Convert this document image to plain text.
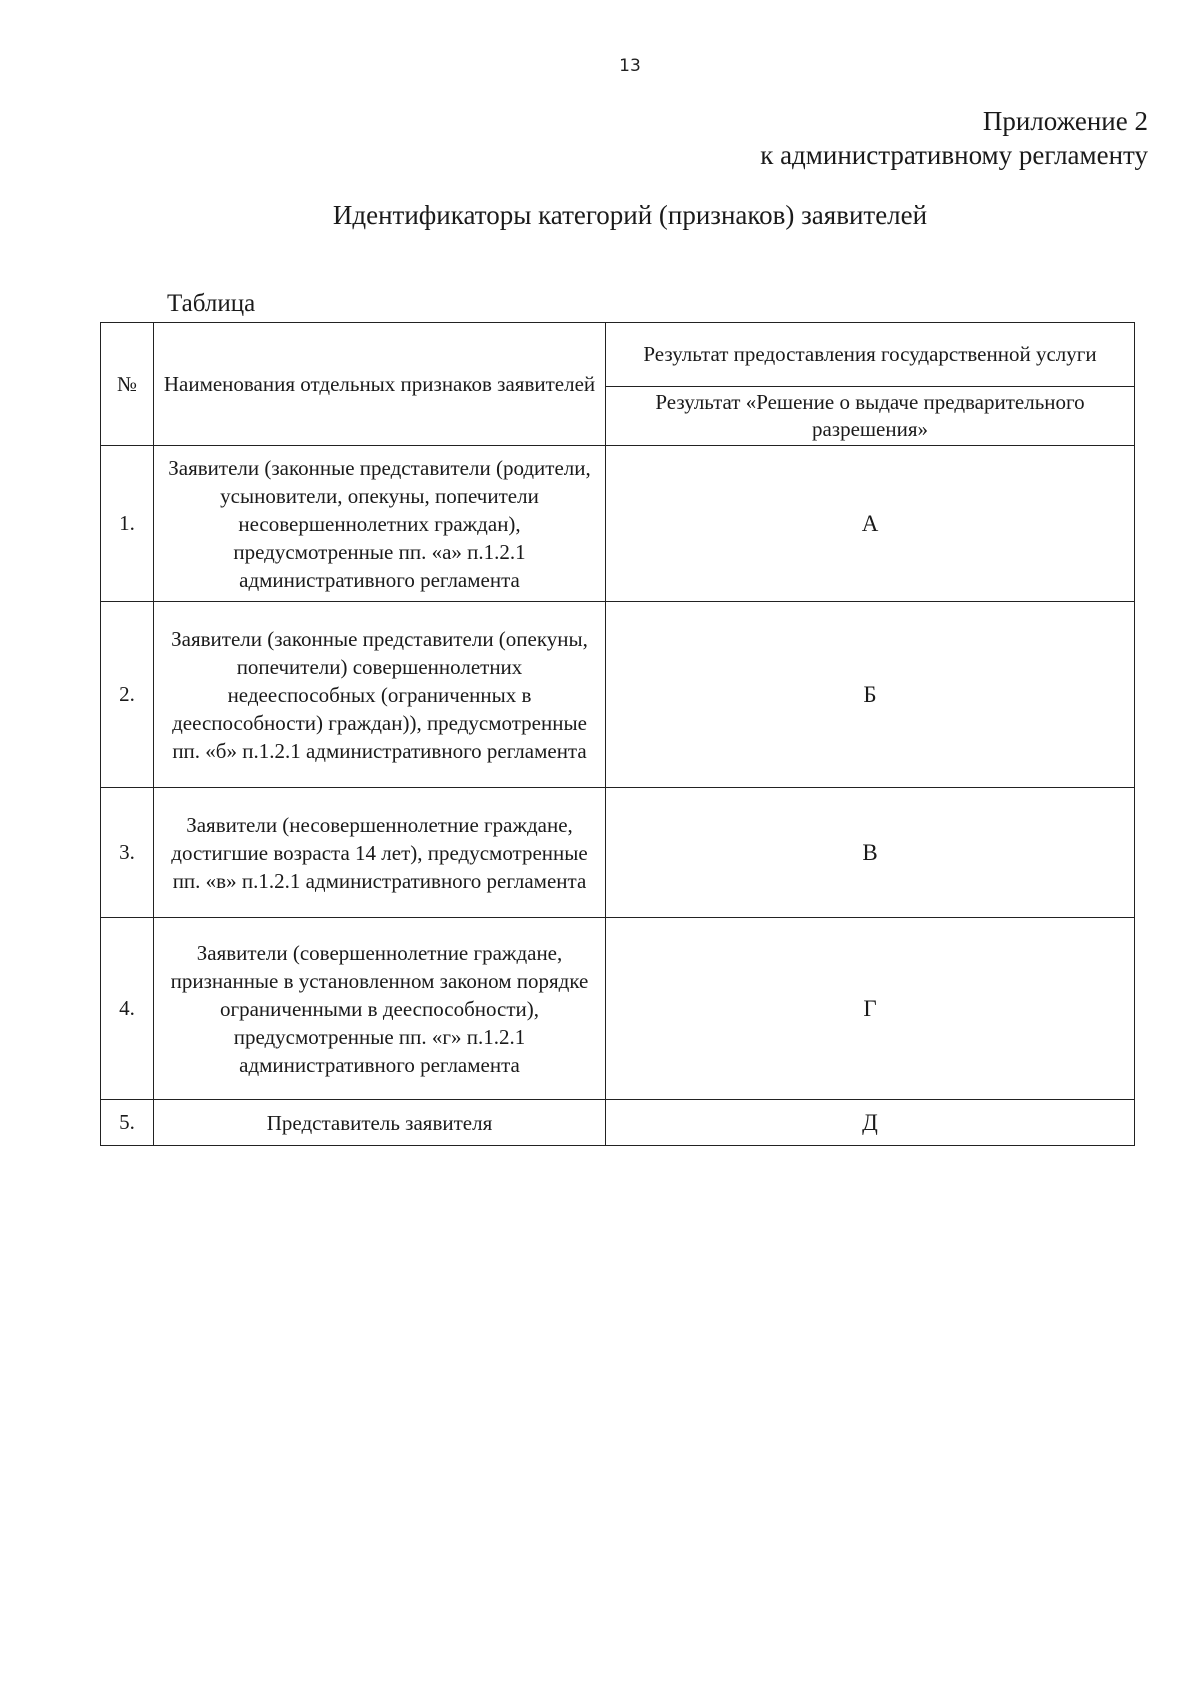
13
Приложение 2
к административному регламенту
Идентификаторы категорий (признаков) заявителей
Таблица
№	Наименования отдельных признаков заявителей	Результат предоставления государственной услуги
		Результат «Решение о выдаче предварительного разрешения»
1.	Заявители (законные представители (родители, усыновители, опекуны, попечители несовершеннолетних граждан), предусмотренные пп. «а» п.1.2.1 административного регламента	А
2.	Заявители (законные представители (опекуны, попечители) совершеннолетних недееспособных (ограниченных в дееспособности) граждан)), предусмотренные пп. «б» п.1.2.1 административного регламента	Б
3.	Заявители (несовершеннолетние граждане, достигшие возраста 14 лет), предусмотренные пп. «в» п.1.2.1 административного регламента	В
4.	Заявители (совершеннолетние граждане, признанные в установленном законом порядке ограниченными в дееспособности), предусмотренные пп. «г» п.1.2.1 административного регламента	Г
5.	Представитель заявителя	Д
